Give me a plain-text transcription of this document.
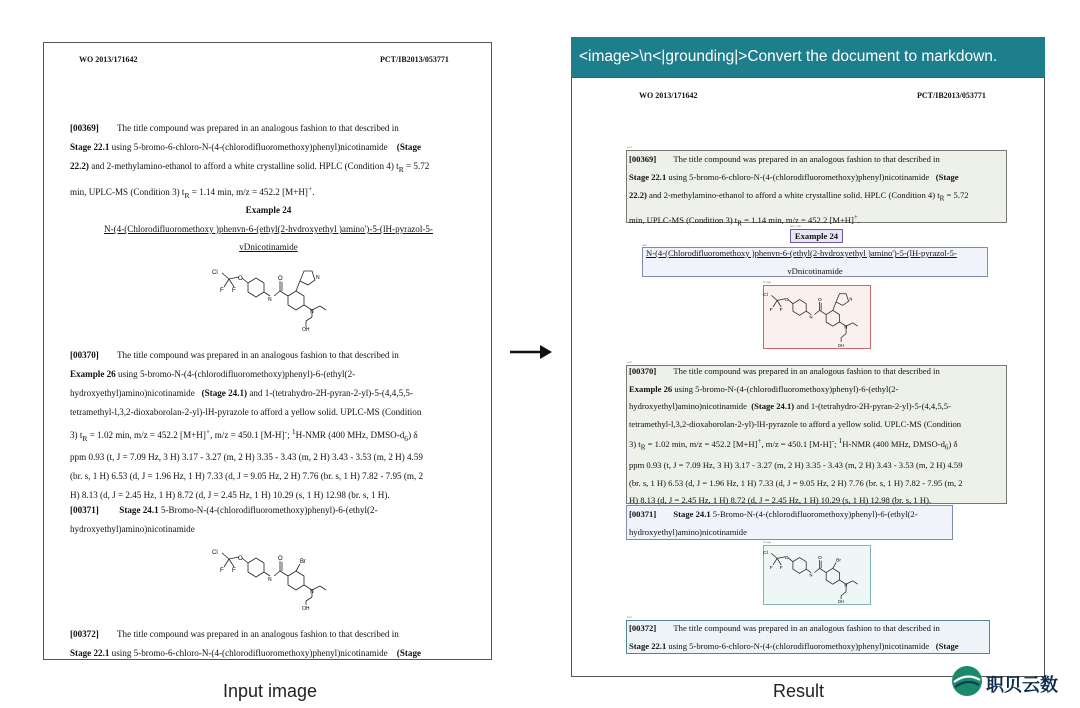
WO 2013/171642	PCT/IB2013/053771
[00369] The title compound was prepared in an analogous fashion to that described in
Stage 22.1 using 5-bromo-6-chloro-N-(4-(chlorodifluoromethoxy)phenyl)nicotinamide (Stage
22.2) and 2-methylamino-ethanol to afford a white crystalline solid. HPLC (Condition 4) $t_R = 5.72$
min, UPLC-MS (Condition 3) $t_R = 1.14$ min, m/z = 452.2 [M+H]+.
Example 24
N-(4-(Chlorodifluoromethoxy )phenvn-6-(ethyl(2-hvdroxyethyl )amino')-5-(lH-pyrazol-5-
vDnicotinamide
Cl
F F
O	O
N
N
N
OH
[00370] The title compound was prepared in an analogous fashion to that described in
Example 26 using 5-bromo-N-(4-(chlorodifluoromethoxy)phenyl)-6-(ethyl(2-
hydroxyethyl)amino)nicotinamide (Stage 24.1) and 1-(tetrahydro-2H-pyran-2-yl)-5-(4,4,5,5-
tetramethyl-l,3,2-dioxaborolan-2-yl)-lH-pyrazole to afford a yellow solid. UPLC-MS (Condition
3) $t_R = 1.02$ min, m/z = 452.2 [M+H]+, m/z = 450.1 [M-H]-; $^1$H-NMR (400 MHz, DMSO-$d_6$) δ
ppm 0.93 (t, J = 7.09 Hz, 3 H) 3.17 - 3.27 (m, 2 H) 3.35 - 3.43 (m, 2 H) 3.43 - 3.53 (m, 2 H) 4.59
(br. s, 1 H) 6.53 (d, J = 1.96 Hz, 1 H) 7.33 (d, J = 9.05 Hz, 2 H) 7.76 (br. s, 1 H) 7.82 - 7.95 (m, 2
H) 8.13 (d, J = 2.45 Hz, 1 H) 8.72 (d, J = 2.45 Hz, 1 H) 10.29 (s, 1 H) 12.98 (br. s, 1 H).
[00371] Stage 24.1 5-Bromo-N-(4-(chlorodifluoromethoxy)phenyl)-6-(ethyl(2-
hydroxyethyl)amino)nicotinamide
Cl
F F
O	O
N
Br
N
OH
[00372] The title compound was prepared in an analogous fashion to that described in
Stage 22.1 using 5-bromo-6-chloro-N-(4-(chlorodifluoromethoxy)phenyl)nicotinamide (Stage
<image>\n<|grounding|>Convert the document to markdown.
WO 2013/171642	PCT/IB2013/053771
text
[00369] The title compound was prepared in an analogous fashion to that described in
Stage 22.1 using 5-bromo-6-chloro-N-(4-(chlorodifluoromethoxy)phenyl)nicotinamide (Stage
22.2) and 2-methylamino-ethanol to afford a white crystalline solid. HPLC (Condition 4) $t_R = 5.72$
min, UPLC-MS (Condition 3) $t_R = 1.14$ min, m/z = 452.2 [M+H]+.
sub_title
Example 24
text
N-(4-(Chlorodifluoromethoxy )phenvn-6-(ethyl(2-hvdroxyethyl )amino')-5-(lH-pyrazol-5-
vDnicotinamide
image
Cl
F F
O	O
N
N
N
OH
text
[00370] The title compound was prepared in an analogous fashion to that described in
Example 26 using 5-bromo-N-(4-(chlorodifluoromethoxy)phenyl)-6-(ethyl(2-
hydroxyethyl)amino)nicotinamide (Stage 24.1) and 1-(tetrahydro-2H-pyran-2-yl)-5-(4,4,5,5-
tetramethyl-l,3,2-dioxaborolan-2-yl)-lH-pyrazole to afford a yellow solid. UPLC-MS (Condition
3) $t_R = 1.02$ min, m/z = 452.2 [M+H]+, m/z = 450.1 [M-H]-; $^1$H-NMR (400 MHz, DMSO-$d_6$) δ
ppm 0.93 (t, J = 7.09 Hz, 3 H) 3.17 - 3.27 (m, 2 H) 3.35 - 3.43 (m, 2 H) 3.43 - 3.53 (m, 2 H) 4.59
(br. s, 1 H) 6.53 (d, J = 1.96 Hz, 1 H) 7.33 (d, J = 9.05 Hz, 2 H) 7.76 (br. s, 1 H) 7.82 - 7.95 (m, 2
H) 8.13 (d, J = 2.45 Hz, 1 H) 8.72 (d, J = 2.45 Hz, 1 H) 10.29 (s, 1 H) 12.98 (br. s, 1 H).
[00371] Stage 24.1 5-Bromo-N-(4-(chlorodifluoromethoxy)phenyl)-6-(ethyl(2-
hydroxyethyl)amino)nicotinamide
image
Cl
F F
O	O
N
Br
N
OH
text
[00372] The title compound was prepared in an analogous fashion to that described in
Stage 22.1 using 5-bromo-6-chloro-N-(4-(chlorodifluoromethoxy)phenyl)nicotinamide (Stage
Input image	Result	职贝云数
